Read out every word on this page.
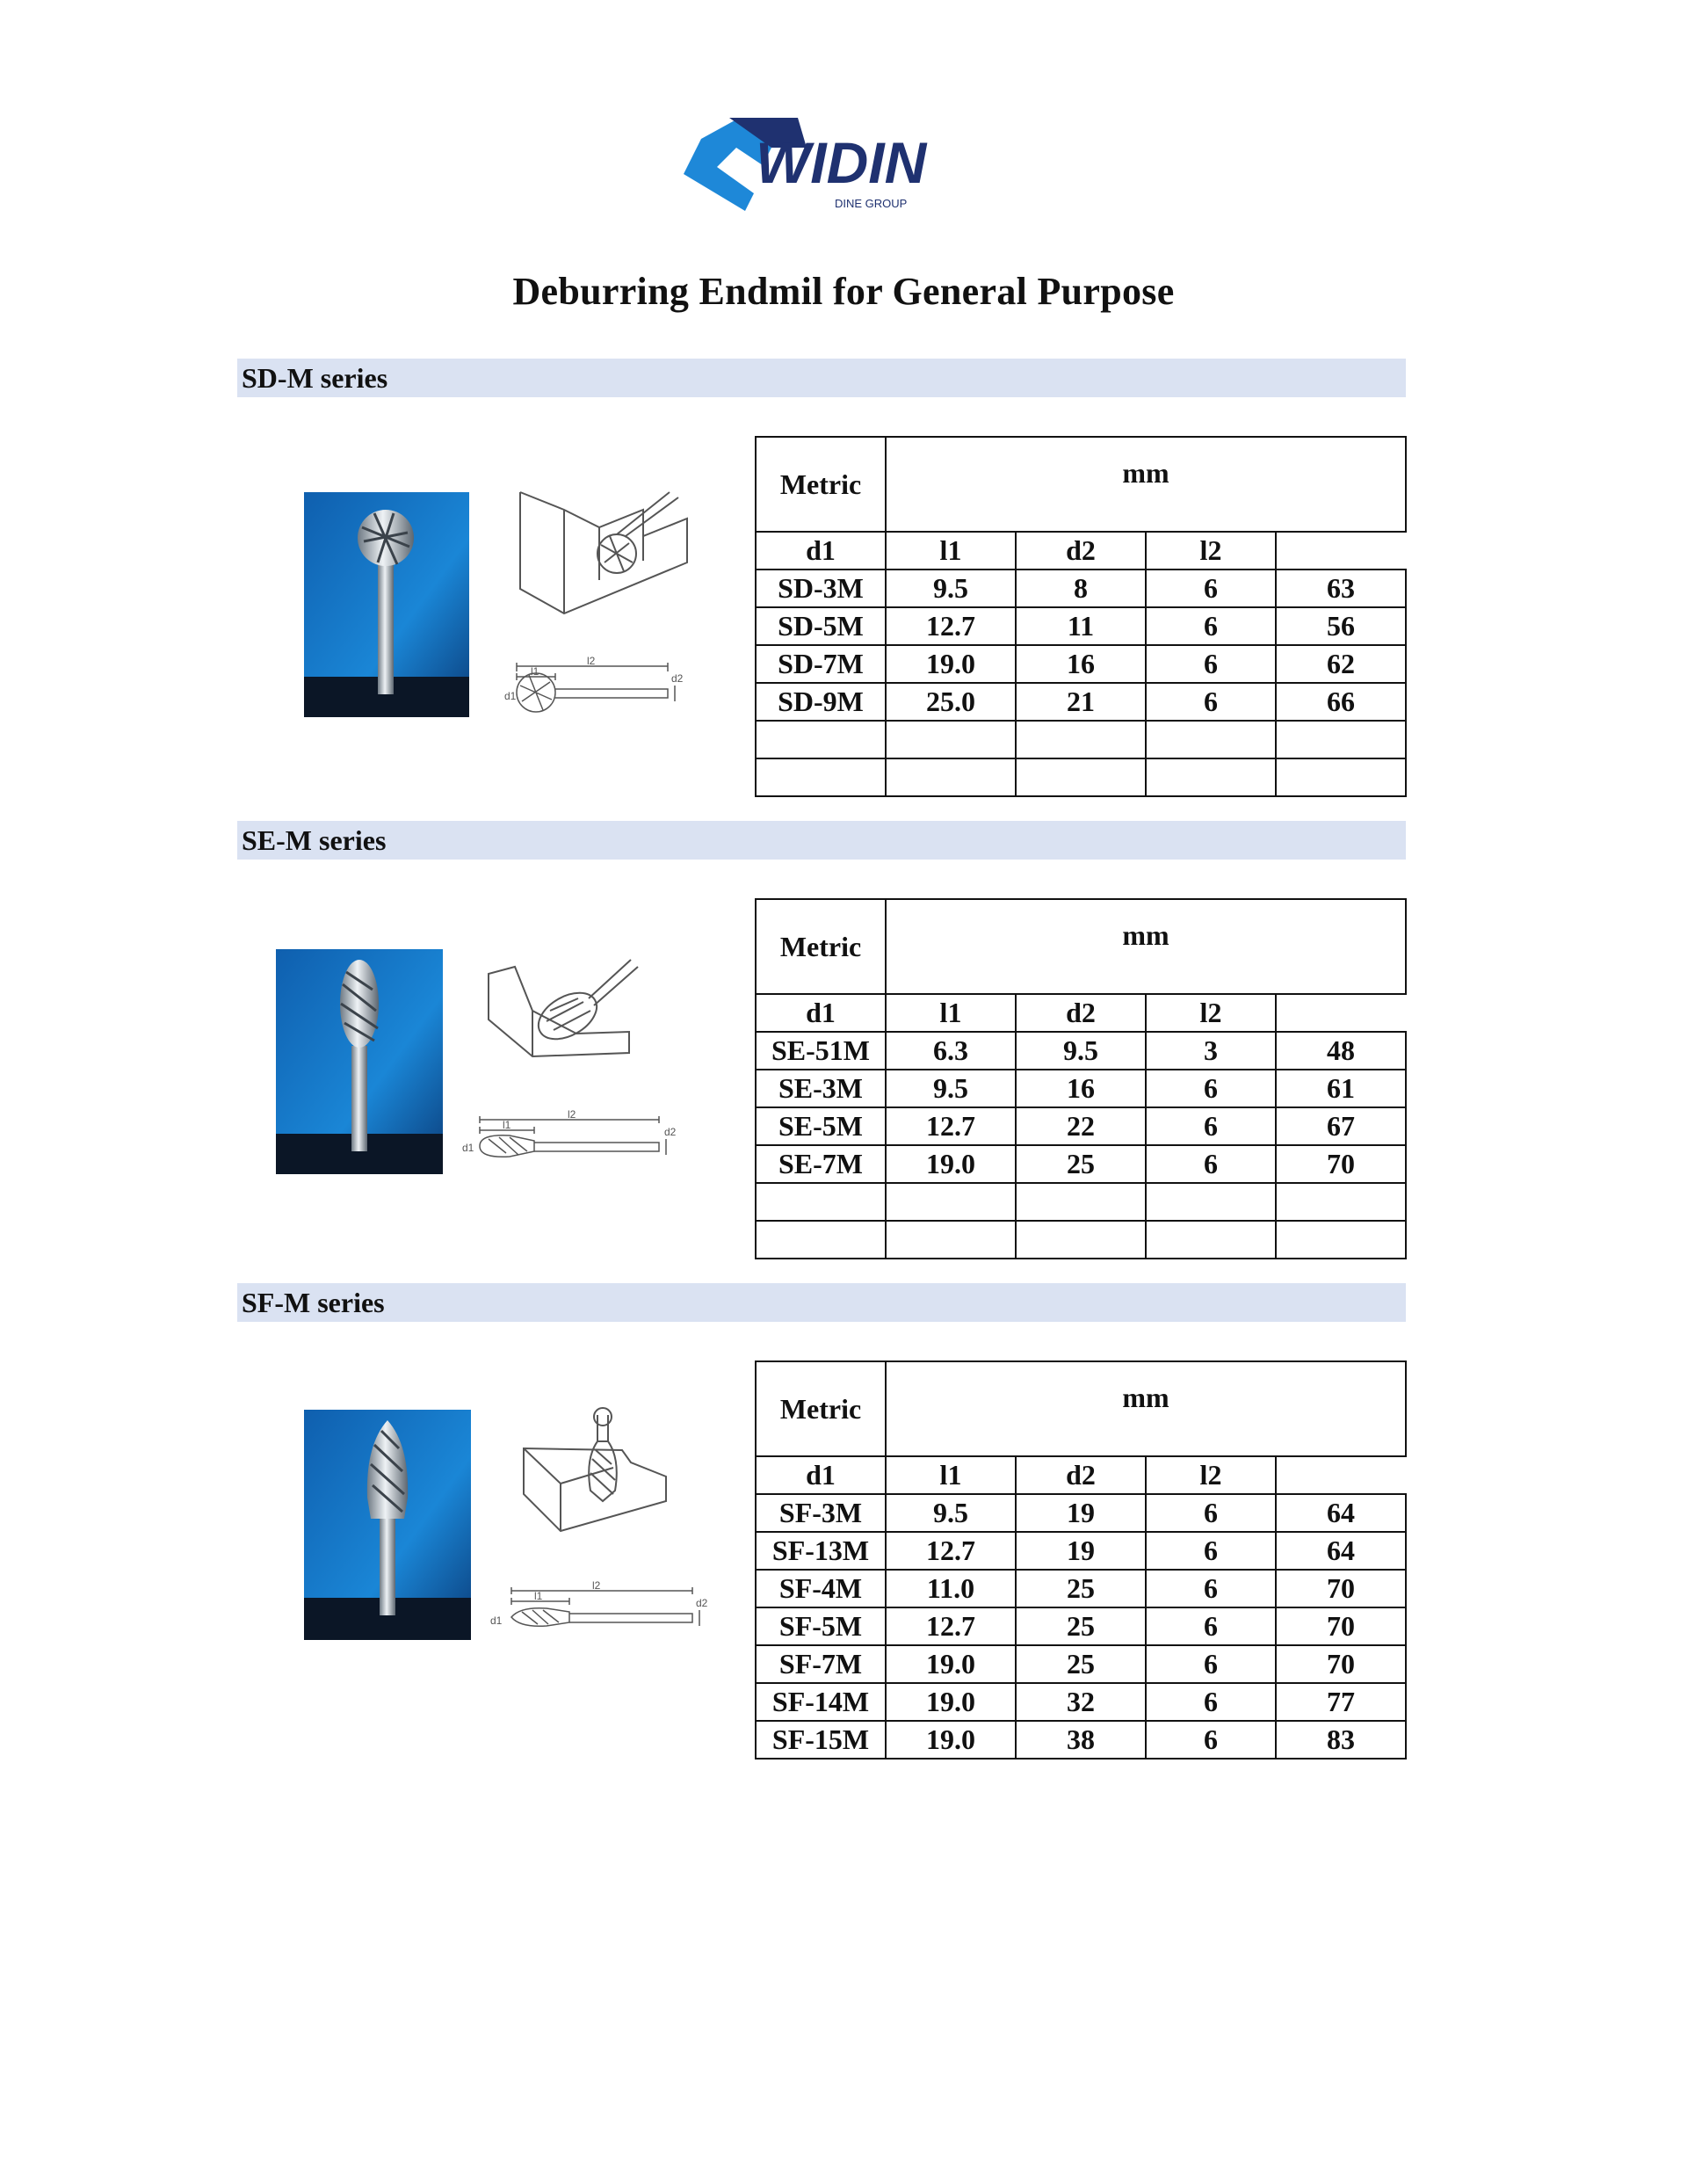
WIDIN
DINE GROUP
Deburring Endmil for General Purpose
SD-M series
l2
l1
d1
d2
Metric	mm			

d1	l1	d2	l2	
SD-3M	9.5	8	6	63
SD-5M	12.7	11	6	56
SD-7M	19.0	16	6	62
SD-9M	25.0	21	6	66

SE-M series
l2
l1
d1
d2
Metric	mm			

d1	l1	d2	l2	
SE-51M	6.3	9.5	3	48
SE-3M	9.5	16	6	61
SE-5M	12.7	22	6	67
SE-7M	19.0	25	6	70

SF-M series
l2
l1
d1
d2
Metric	mm			

d1	l1	d2	l2	
SF-3M	9.5	19	6	64
SF-13M	12.7	19	6	64
SF-4M	11.0	25	6	70
SF-5M	12.7	25	6	70
SF-7M	19.0	25	6	70
SF-14M	19.0	32	6	77
SF-15M	19.0	38	6	83
